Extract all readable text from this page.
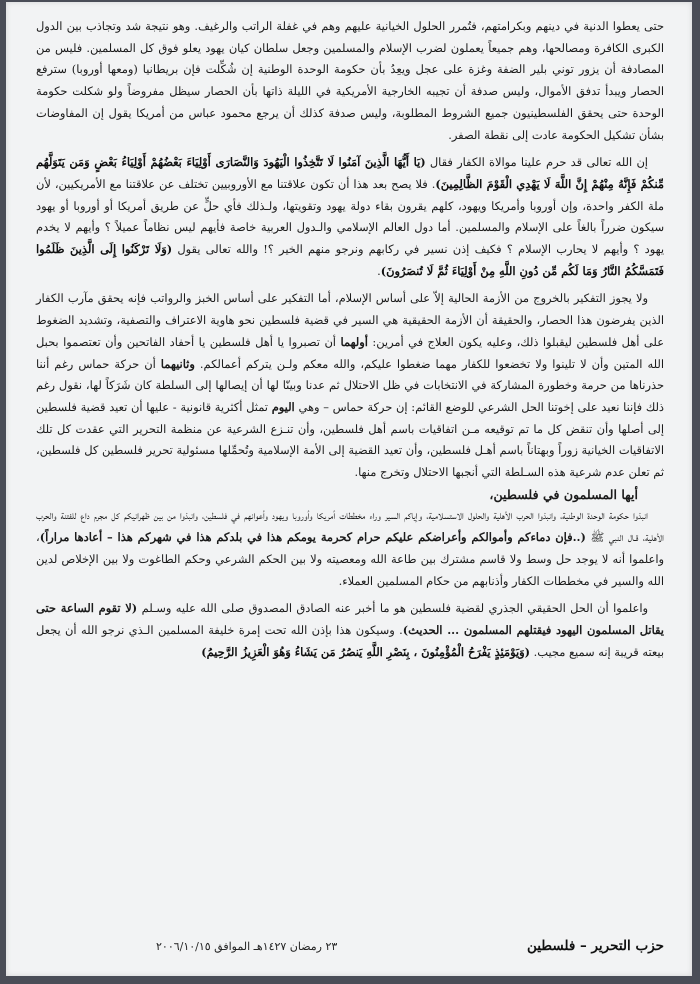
حتى يعطوا الدنية في دينهم وبكرامتهم، فتُمرر الحلول الخيانية عليهم وهم في غفلة الراتب والرغيف. وهو نتيجة شد وتجاذب بين الدول الكبرى الكافرة ومصالحها، وهم جميعاً يعملون لضرب الإسلام والمسلمين وجعل سلطان كيان يهود يعلو فوق كل المسلمين. فليس من المصادفة أن يزور توني بلير الضفة وغزة على عجل ويعِدُ بأن حكومة الوحدة الوطنية إن شُكِّلت فإن بريطانيا (ومعها أوروبا) سترفع الحصار ويبدأ تدفق الأموال، وليس صدفة أن تجيبه الخارجية الأمريكية في الليلة ذاتها بأن الحصار سيظل مفروضاً ولو شكلت حكومة الوحدة حتى يحقق الفلسطينيون جميع الشروط المطلوبة، وليس صدفة كذلك أن يرجع محمود عباس من أمريكا يقول إن المفاوضات بشأن تشكيل الحكومة عادت إلى نقطة الصفر.

إن الله تعالى قد حرم علينا موالاة الكفار فقال (يَا أَيُّهَا الَّذِينَ آمَنُوا لَا تَتَّخِذُوا الْيَهُودَ وَالنَّصَارَى أَوْلِيَاءَ بَعْضُهُمْ أَوْلِيَاءُ بَعْضٍ وَمَن يَتَوَلَّهُم مِّنكُمْ فَإِنَّهُ مِنْهُمْ إِنَّ اللَّهَ لَا يَهْدِي الْقَوْمَ الظَّالِمِينَ). فلا يصح بعد هذا أن تكون علاقتنا مع الأوروبيين تختلف عن علاقتنا مع الأمريكيين، لأن ملة الكفر واحدة، وإن أوروبا وأمريكا ويهود، كلهم يقرون بقاء دولة يهود وتقويتها، ولـذلك فأي حلٍّ عن طريق أمريكا أو أوروبا أو يهود سيكون ضرراً بالغاً على الإسلام والمسلمين. أما دول العالم الإسلامي والـدول العربية خاصة فأيهم ليس نظاماً عميلاً ؟ وأيهم لا يخدم يهود ؟ وأيهم لا يحارب الإسلام ؟ فكيف إذن نسير في ركابهم ونرجو منهم الخير ؟! والله تعالى يقول (وَلَا تَرْكَنُوا إِلَى الَّذِينَ ظَلَمُوا فَتَمَسَّكُمُ النَّارُ وَمَا لَكُم مِّن دُونِ اللَّهِ مِنْ أَوْلِيَاءَ ثُمَّ لَا تُنصَرُونَ).

ولا يجوز التفكير بالخروج من الأزمة الحالية إلاّ على أساس الإسلام، أما التفكير على أساس الخبز والرواتب فإنه يحقق مآرب الكفار الذين يفرضون هذا الحصار، والحقيقة أن الأزمة الحقيقية هي السير في قضية فلسطين نحو هاوية الاعتراف والتصفية، وتشديد الضغوط على أهل فلسطين ليقبلوا ذلك، وعليه يكون العلاج في أمرين: أولهما أن تصبروا يا أهل فلسطين يا أحفاد الفاتحين وأن تعتصموا بحبل الله المتين وأن لا تلينوا ولا تخضعوا للكفار مهما ضغطوا عليكم، والله معكم ولـن يتركم أعمالكم. وثانيهما أن حركة حماس رغم أننا حذرناها من حرمة وخطورة المشاركة في الانتخابات في ظل الاحتلال ثم عدنا وبينّا لها أن إيصالها إلى السلطة كان شَرَكاً لها، نقول رغم ذلك فإننا نعيد على إخوتنا الحل الشرعي للوضع القائم: إن حركة حماس – وهي اليوم تمثل أكثرية قانونية - عليها أن تعيد قضية فلسطين إلى أصلها وأن تنقض كل ما تم توقيعه مـن اتفاقيات باسم أهل فلسطين، وأن تنـزع الشرعية عن منظمة التحرير التي عقدت كل تلك الاتفاقيات الخيانية زوراً وبهتاناً باسم أهـل فلسطين، وأن تعيد القضية إلى الأمة الإسلامية وتُحمِّلها مسئولية تحرير فلسطين كل فلسطين، ثم تعلن عدم شرعية هذه السـلطة التي أنجبها الاحتلال وتخرج منها.

أيها المسلمون في فلسطين،

انبذوا حكومة الوحدة الوطنية، وانبذوا الحرب الأهلية والحلول الاستسلامية، وإياكم السير وراء مخططات أمريكا وأوروبا ويهود وأعوانهم في فلسطين، وانبذوا من بين ظهرانيكم كل مجرم داع للفتنة والحرب الأهلية، قـال النبي ﷺ (..فإن دماءكم وأموالكم وأعراضكم عليكم حرام كحرمة يومكم هذا في بلدكم هذا في شهركم هذا – أعادها مراراً)، واعلموا أنه لا يوجد حل وسط ولا قاسم مشترك بين طاعة الله ومعصيته ولا بين الحكم الشرعي وحكم الطاغوت ولا بين الإخلاص لدين الله والسير في مخططات الكفار وأذنابهم من حكام المسلمين العملاء.

واعلموا أن الحل الحقيقي الجذري لقضية فلسطين هو ما أخبر عنه الصادق المصدوق صلى الله عليه وسـلم (لا تقوم الساعة حتى يقاتل المسلمون اليهود فيقتلهم المسلمون ... الحديث). وسيكون هذا بإذن الله تحت إمرة خليفة المسلمين الـذي نرجو الله أن يجعل بيعته قريبة إنه سميع مجيب. (وَيَوْمَئِذٍ يَفْرَحُ الْمُؤْمِنُونَ ، بِنَصْرِ اللَّهِ يَنصُرُ مَن يَشَاءُ وَهُوَ الْعَزِيزُ الرَّحِيمُ)

حزب التحرير – فلسطين
٢٣ رمضان ١٤٢٧هـ الموافق ٢٠٠٦/١٠/١٥
